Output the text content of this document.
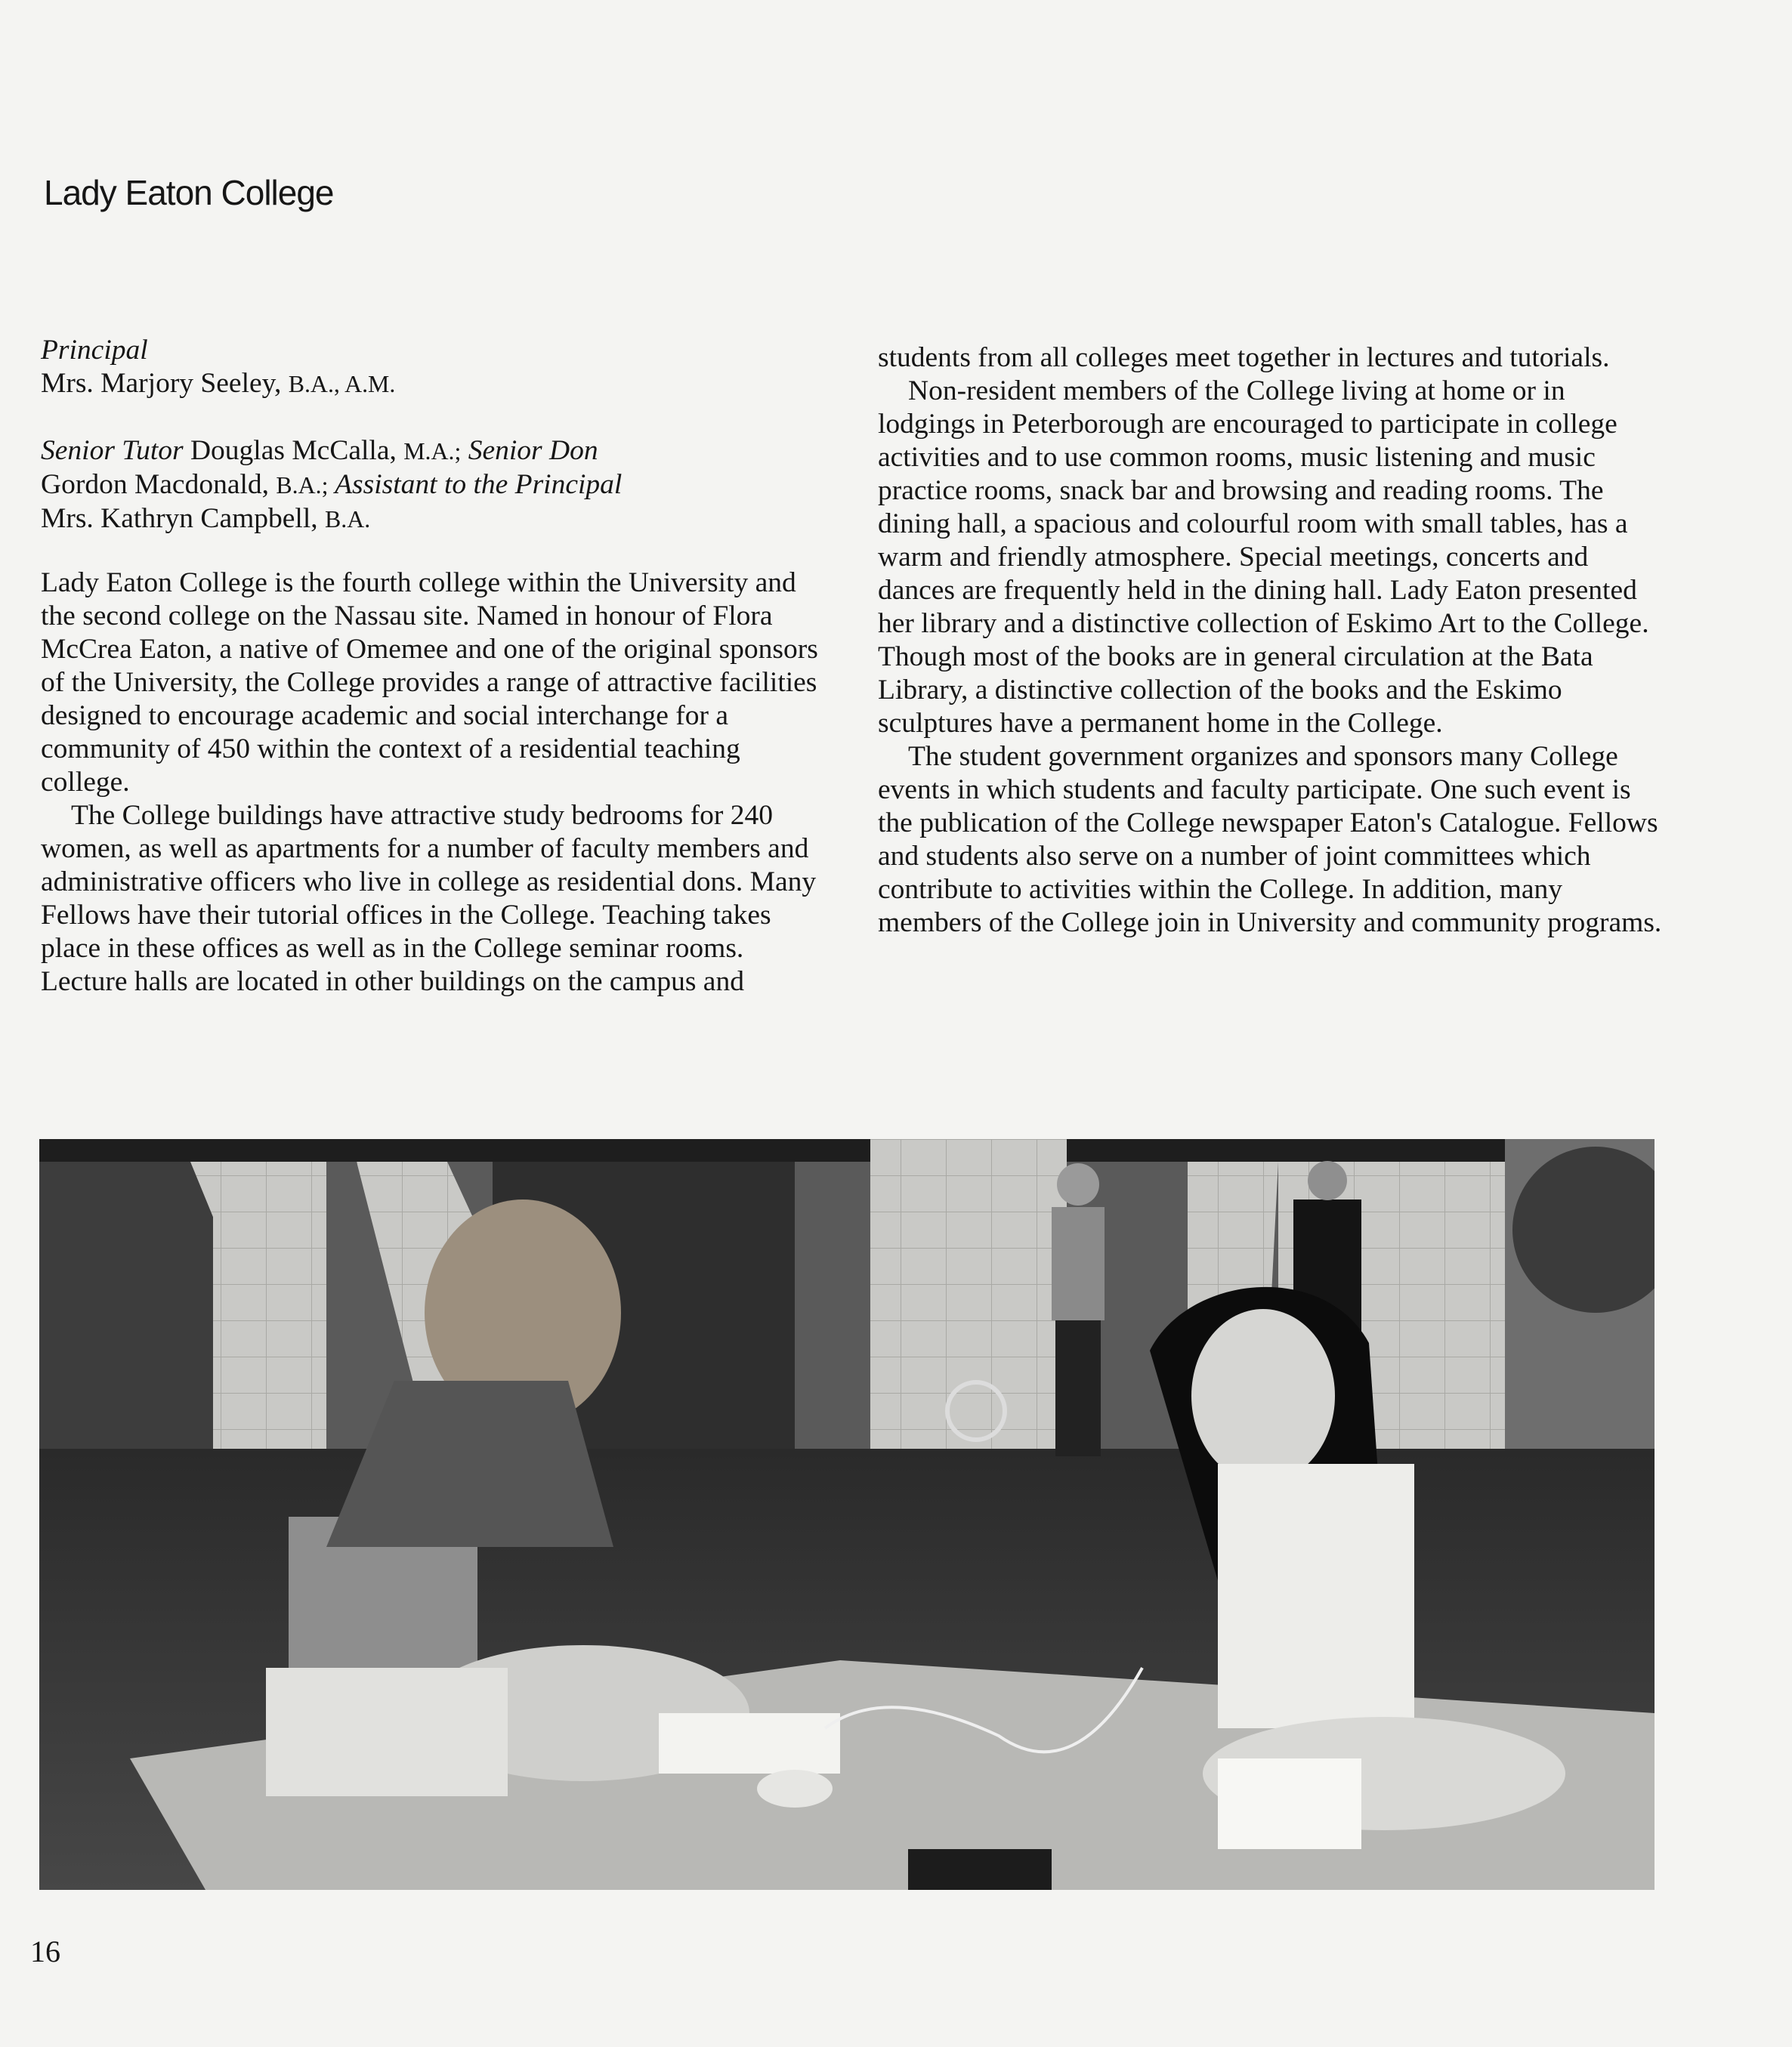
Lady Eaton College

Principal
Mrs. Marjory Seeley, B.A., A.M.

Senior Tutor Douglas McCalla, M.A.; Senior Don
Gordon Macdonald, B.A.; Assistant to the Principal
Mrs. Kathryn Campbell, B.A.

Lady Eaton College is the fourth college within the University and the second college on the Nassau site. Named in honour of Flora McCrea Eaton, a native of Omemee and one of the original sponsors of the University, the College provides a range of attractive facilities designed to encourage academic and social interchange for a community of 450 within the context of a residential teaching college.

The College buildings have attractive study bedrooms for 240 women, as well as apartments for a number of faculty members and administrative officers who live in college as residential dons. Many Fellows have their tutorial offices in the College. Teaching takes place in these offices as well as in the College seminar rooms. Lecture halls are located in other buildings on the campus and

students from all colleges meet together in lectures and tutorials.

Non-resident members of the College living at home or in lodgings in Peterborough are encouraged to participate in college activities and to use common rooms, music listening and music practice rooms, snack bar and browsing and reading rooms. The dining hall, a spacious and colourful room with small tables, has a warm and friendly atmosphere. Special meetings, concerts and dances are frequently held in the dining hall. Lady Eaton presented her library and a distinctive collection of Eskimo Art to the College. Though most of the books are in general circulation at the Bata Library, a distinctive collection of the books and the Eskimo sculptures have a permanent home in the College.

The student government organizes and sponsors many College events in which students and faculty participate. One such event is the publication of the College newspaper Eaton's Catalogue. Fellows and students also serve on a number of joint committees which contribute to activities within the College. In addition, many members of the College join in University and community programs.

16
